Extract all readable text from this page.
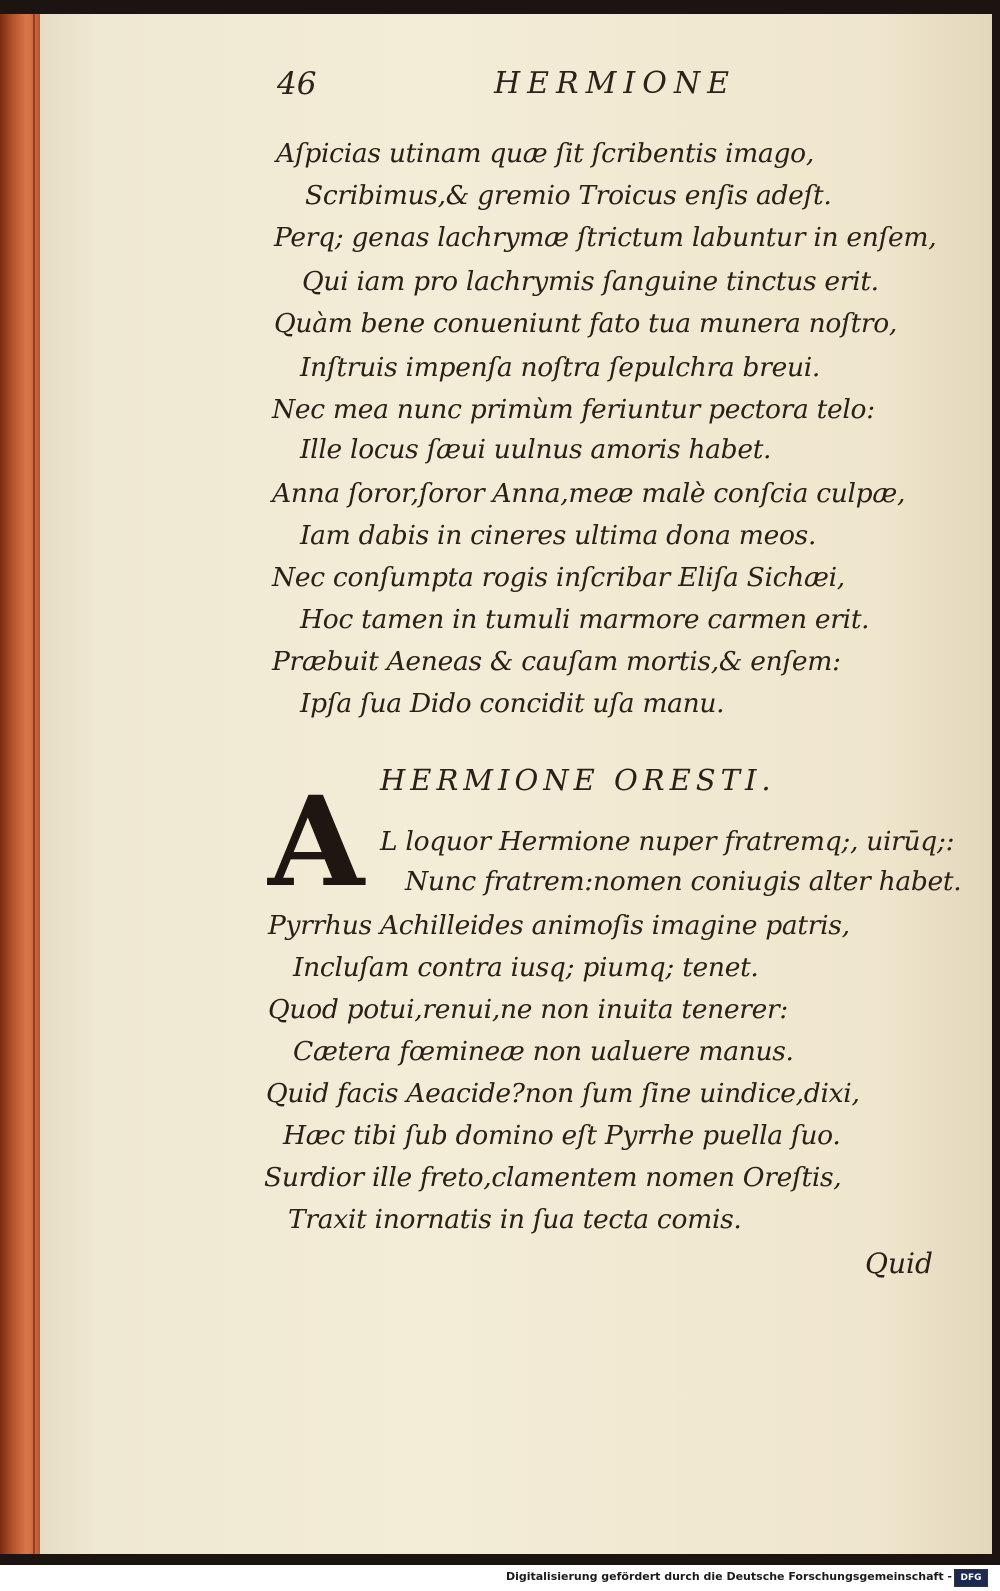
46	HERMIONE
Aſpicias utinam quæ ſit ſcribentis imago,
Scribimus,& gremio Troicus enſis adeſt.
Perq; genas lachrymæ ſtrictum labuntur in enſem,
Qui iam pro lachrymis ſanguine tinctus erit.
Quàm bene conueniunt fato tua munera noſtro,
Inſtruis impenſa noſtra ſepulchra breui.
Nec mea nunc primùm feriuntur pectora telo:
Ille locus ſæui uulnus amoris habet.
Anna ſoror,ſoror Anna,meæ malè conſcia culpæ,
Iam dabis in cineres ultima dona meos.
Nec conſumpta rogis inſcribar Eliſa Sichæi,
Hoc tamen in tumuli marmore carmen erit.
Præbuit Aeneas & cauſam mortis,& enſem:
Ipſa ſua Dido concidit uſa manu.
HERMIONE ORESTI.
A L loquor Hermione nuper fratremq;, uirūq;:
Nunc fratrem:nomen coniugis alter habet.
Pyrrhus Achilleides animoſis imagine patris,
Incluſam contra iusq; piumq; tenet.
Quod potui,renui,ne non inuita tenerer:
Cætera fœmineæ non ualuere manus.
Quid facis Aeacide?non ſum ſine uindice,dixi,
Hæc tibi ſub domino eſt Pyrrhe puella ſuo.
Surdior ille freto,clamentem nomen Oreſtis,
Traxit inornatis in ſua tecta comis.
Quid
Digitalisierung gefördert durch die Deutsche Forschungsgemeinschaft - DFG
